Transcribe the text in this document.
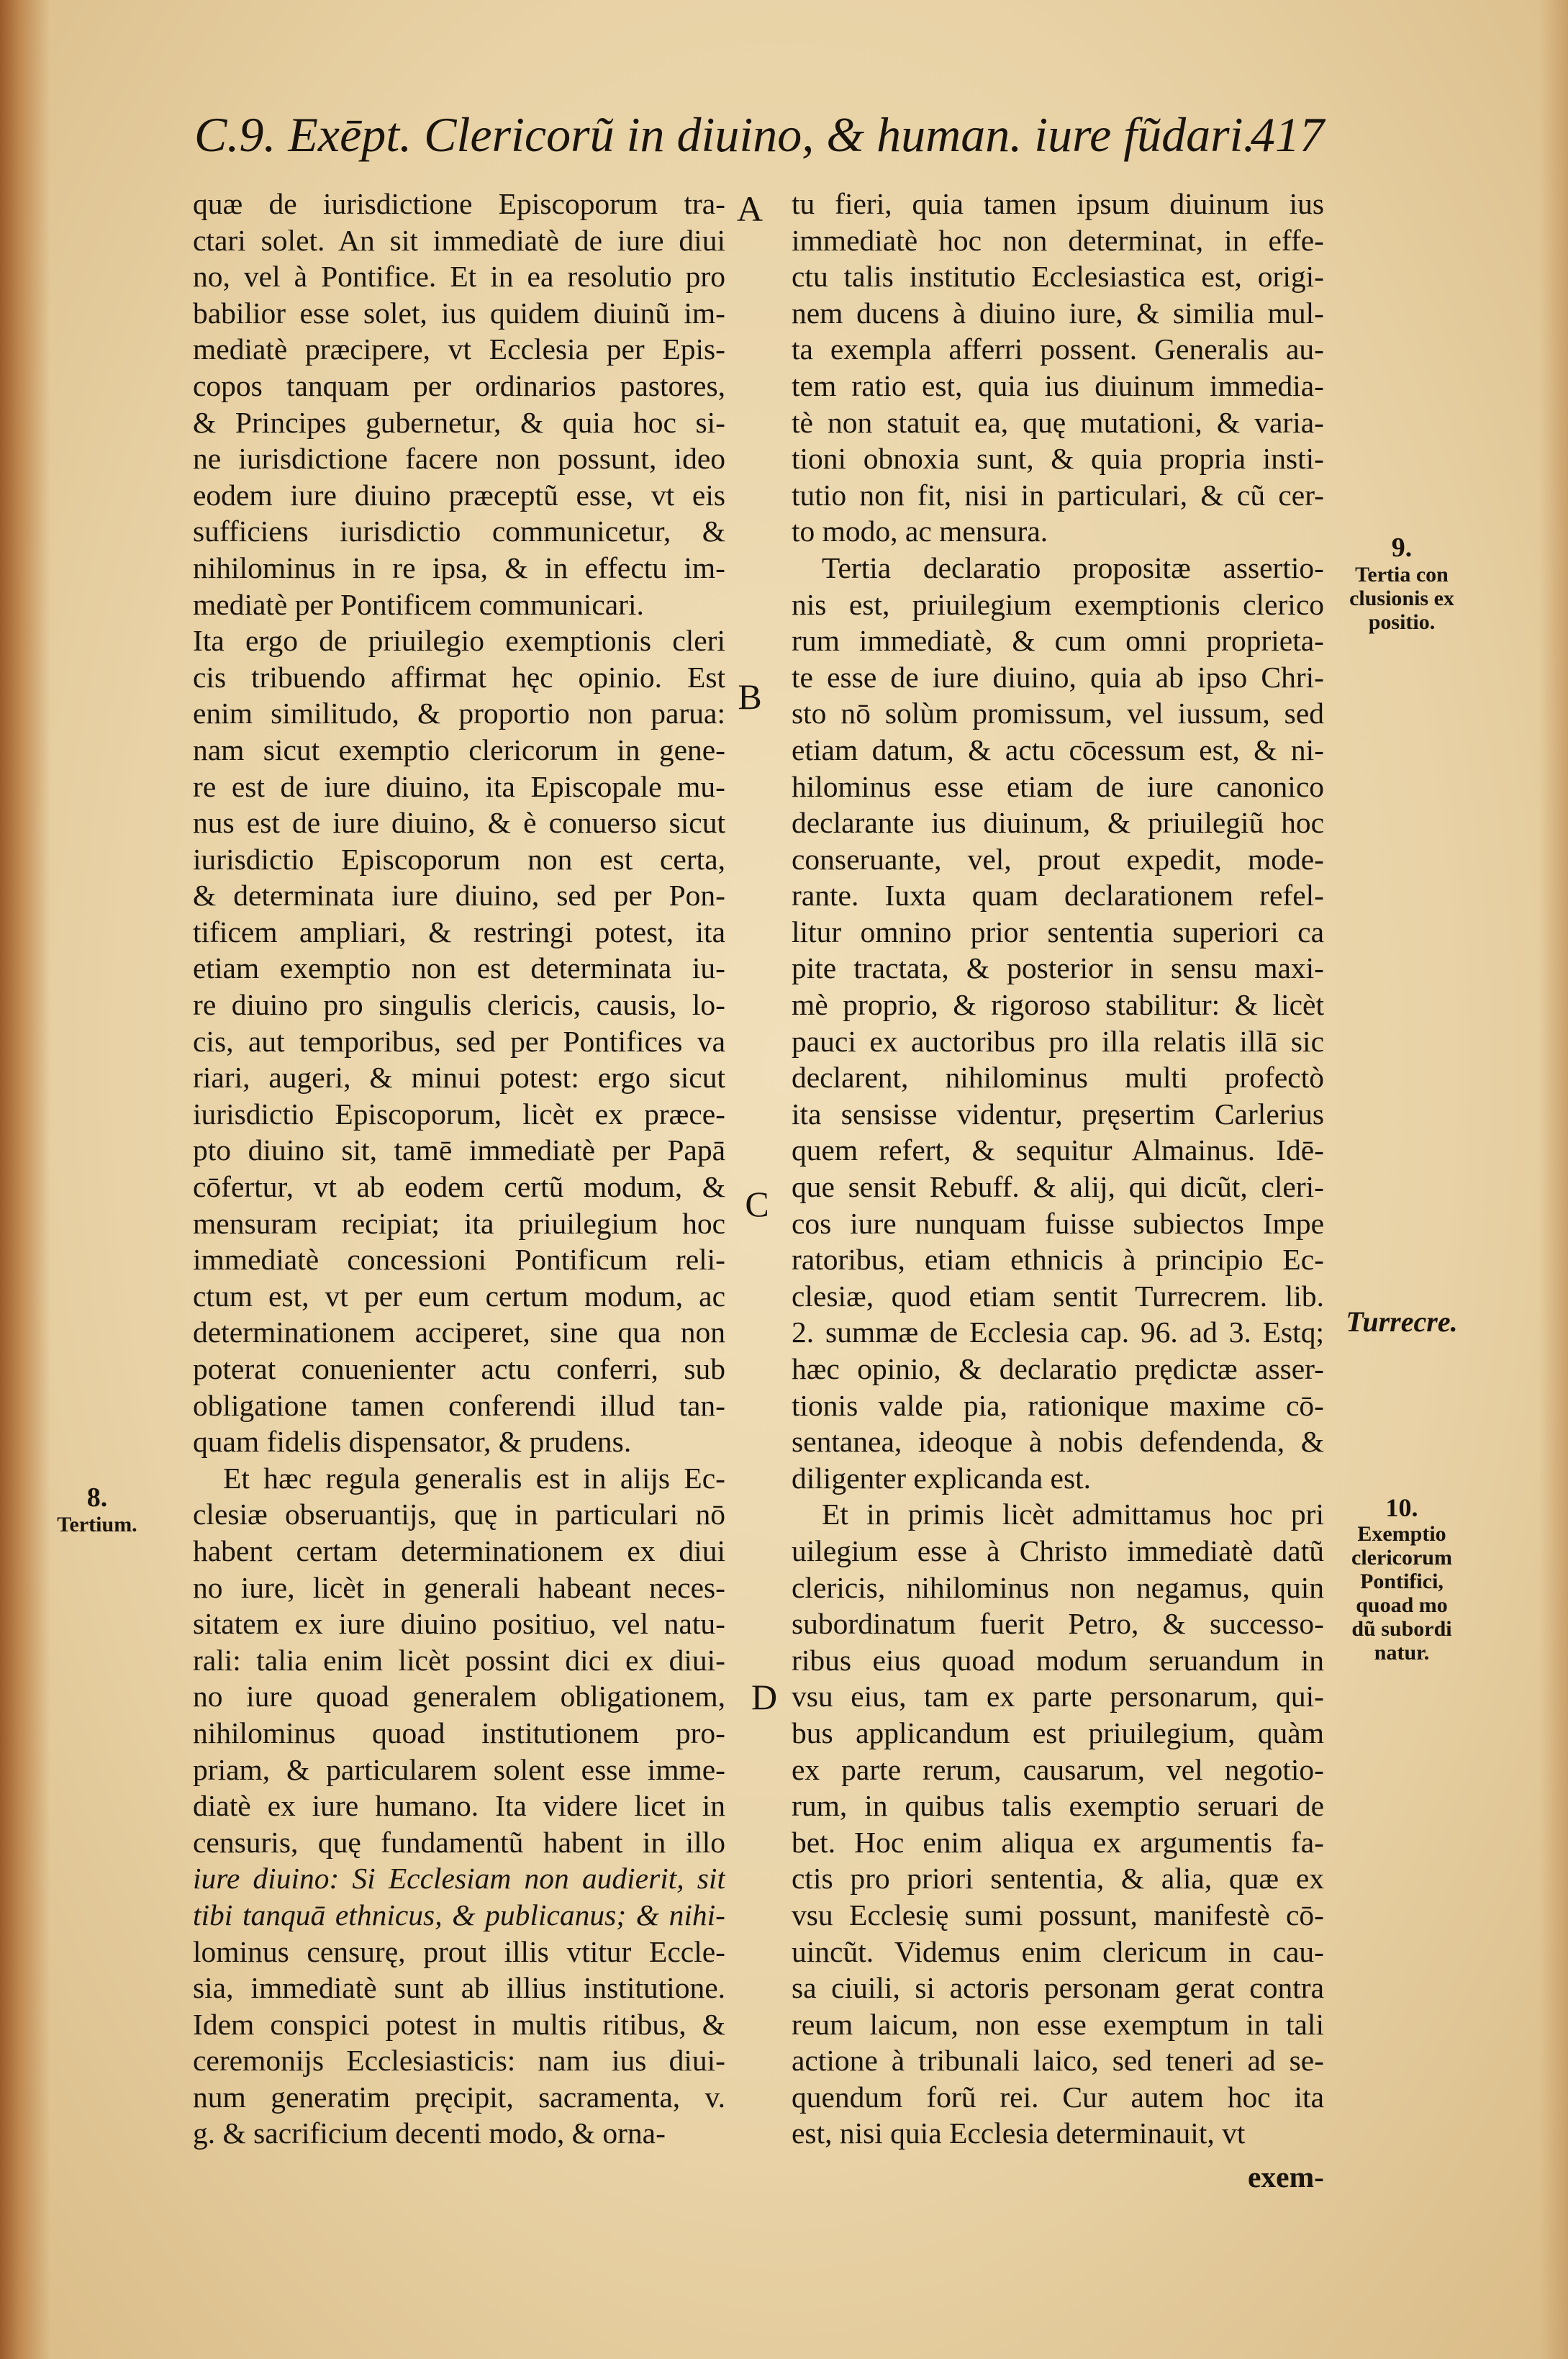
C.9. Exēpt. Clericorũ in diuino, & human. iure fũdari.
417
quæ de iurisdictione Episcoporum tra-
ctari solet. An sit immediatè de iure diui
no, vel à Pontifice. Et in ea resolutio pro
babilior esse solet, ius quidem diuinũ im-
mediatè præcipere, vt Ecclesia per Epis-
copos tanquam per ordinarios pastores,
& Principes gubernetur, & quia hoc si-
ne iurisdictione facere non possunt, ideo
eodem iure diuino præceptũ esse, vt eis
sufficiens iurisdictio communicetur, &
nihilominus in re ipsa, & in effectu im-
mediatè per Pontificem communicari.
Ita ergo de priuilegio exemptionis cleri
cis tribuendo affirmat hęc opinio. Est
enim similitudo, & proportio non parua:
nam sicut exemptio clericorum in gene-
re est de iure diuino, ita Episcopale mu-
nus est de iure diuino, & è conuerso sicut
iurisdictio Episcoporum non est certa,
& determinata iure diuino, sed per Pon-
tificem ampliari, & restringi potest, ita
etiam exemptio non est determinata iu-
re diuino pro singulis clericis, causis, lo-
cis, aut temporibus, sed per Pontifices va
riari, augeri, & minui potest: ergo sicut
iurisdictio Episcoporum, licèt ex præce-
pto diuino sit, tamē immediatè per Papā
cōfertur, vt ab eodem certũ modum, &
mensuram recipiat; ita priuilegium hoc
immediatè concessioni Pontificum reli-
ctum est, vt per eum certum modum, ac
determinationem acciperet, sine qua non
poterat conuenienter actu conferri, sub
obligatione tamen conferendi illud tan-
quam fidelis dispensator, & prudens.
Et hæc regula generalis est in alijs Ec-
clesiæ obseruantijs, quę in particulari nō
habent certam determinationem ex diui
no iure, licèt in generali habeant neces-
sitatem ex iure diuino positiuo, vel natu-
rali: talia enim licèt possint dici ex diui-
no iure quoad generalem obligationem,
nihilominus quoad institutionem pro-
priam, & particularem solent esse imme-
diatè ex iure humano. Ita videre licet in
censuris, quę fundamentũ habent in illo
iure diuino: Si Ecclesiam non audierit, sit
tibi tanquā ethnicus, & publicanus; & nihi-
lominus censurę, prout illis vtitur Eccle-
sia, immediatè sunt ab illius institutione.
Idem conspici potest in multis ritibus, &
ceremonijs Ecclesiasticis: nam ius diui-
num generatim pręcipit, sacramenta, v.
g. & sacrificium decenti modo, & orna-
tu fieri, quia tamen ipsum diuinum ius
immediatè hoc non determinat, in effe-
ctu talis institutio Ecclesiastica est, origi-
nem ducens à diuino iure, & similia mul-
ta exempla afferri possent. Generalis au-
tem ratio est, quia ius diuinum immedia-
tè non statuit ea, quę mutationi, & varia-
tioni obnoxia sunt, & quia propria insti-
tutio non fit, nisi in particulari, & cũ cer-
to modo, ac mensura.
Tertia declaratio propositæ assertio-
nis est, priuilegium exemptionis clerico
rum immediatè, & cum omni proprieta-
te esse de iure diuino, quia ab ipso Chri-
sto nō solùm promissum, vel iussum, sed
etiam datum, & actu cōcessum est, & ni-
hilominus esse etiam de iure canonico
declarante ius diuinum, & priuilegiũ hoc
conseruante, vel, prout expedit, mode-
rante. Iuxta quam declarationem refel-
litur omnino prior sententia superiori ca
pite tractata, & posterior in sensu maxi-
mè proprio, & rigoroso stabilitur: & licèt
pauci ex auctoribus pro illa relatis illā sic
declarent, nihilominus multi profectò
ita sensisse videntur, pręsertim Carlerius
quem refert, & sequitur Almainus. Idē-
que sensit Rebuff. & alij, qui dicũt, cleri-
cos iure nunquam fuisse subiectos Impe
ratoribus, etiam ethnicis à principio Ec-
clesiæ, quod etiam sentit Turrecrem. lib.
2. summæ de Ecclesia cap. 96. ad 3. Estq;
hæc opinio, & declaratio prędictæ asser-
tionis valde pia, rationique maxime cō-
sentanea, ideoque à nobis defendenda, &
diligenter explicanda est.
Et in primis licèt admittamus hoc pri
uilegium esse à Christo immediatè datũ
clericis, nihilominus non negamus, quin
subordinatum fuerit Petro, & successo-
ribus eius quoad modum seruandum in
vsu eius, tam ex parte personarum, qui-
bus applicandum est priuilegium, quàm
ex parte rerum, causarum, vel negotio-
rum, in quibus talis exemptio seruari de
bet. Hoc enim aliqua ex argumentis fa-
ctis pro priori sententia, & alia, quæ ex
vsu Ecclesię sumi possunt, manifestè cō-
uincũt. Videmus enim clericum in cau-
sa ciuili, si actoris personam gerat contra
reum laicum, non esse exemptum in tali
actione à tribunali laico, sed teneri ad se-
quendum forũ rei. Cur autem hoc ita
est, nisi quia Ecclesia determinauit, vt
A
B
C
D
8.
Tertium.
9.
Tertia con
clusionis ex
positio.
Turrecre.
10.
Exemptio
clericorum
Pontifici,
quoad mo
dũ subordi
natur.
exem-
